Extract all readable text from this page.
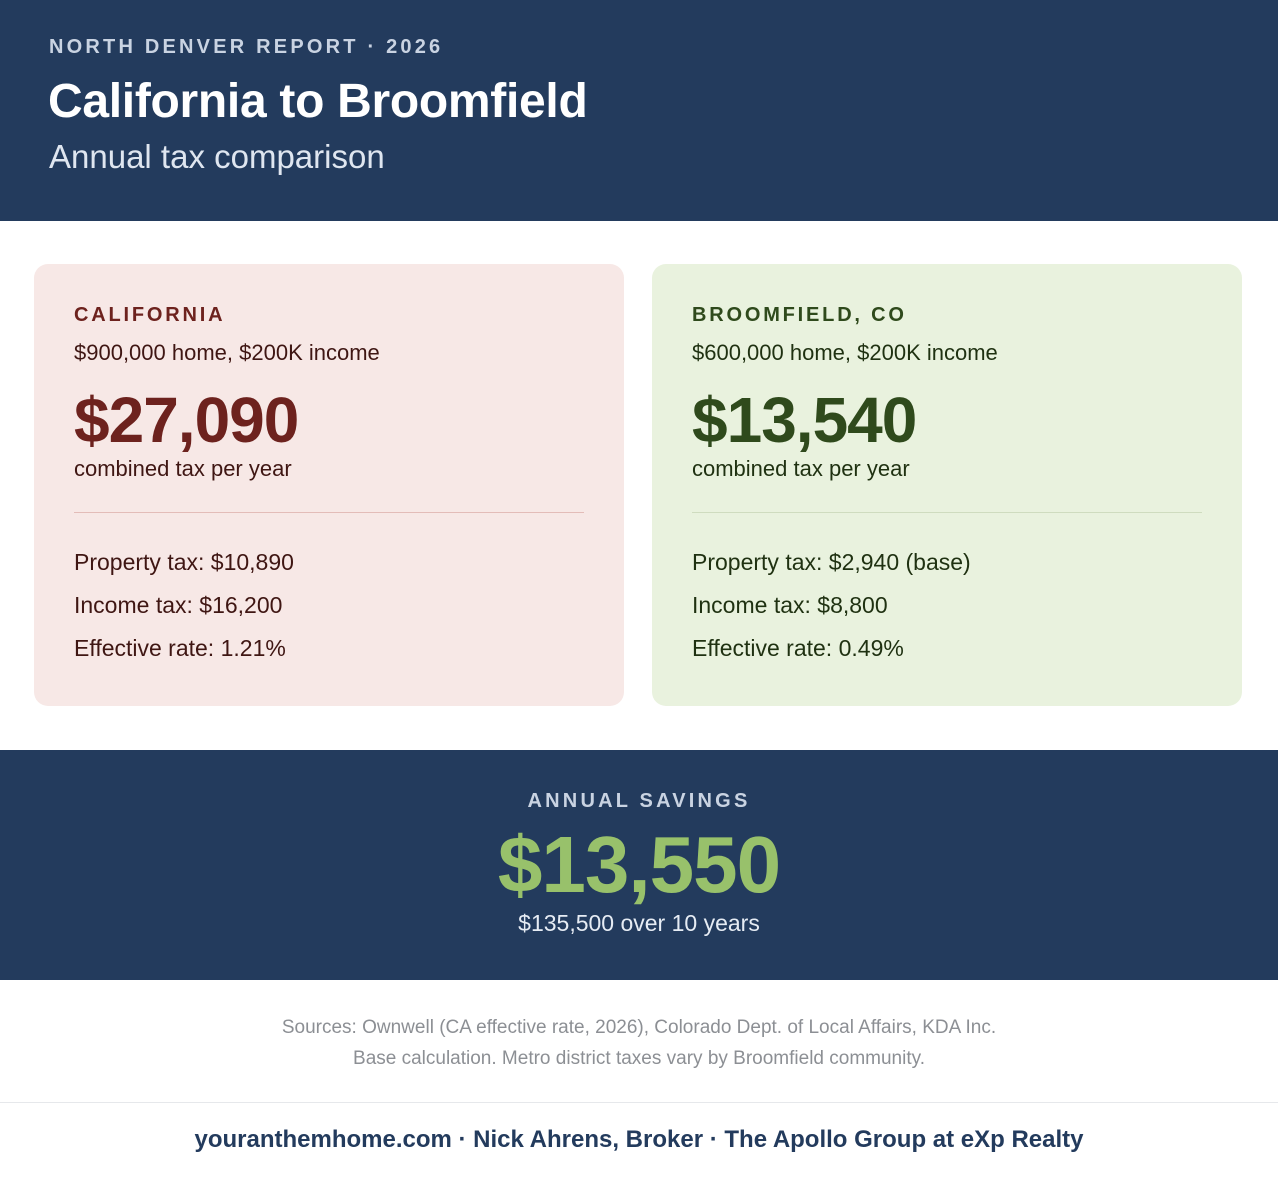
NORTH DENVER REPORT · 2026
California to Broomfield
Annual tax comparison
CALIFORNIA
$900,000 home, $200K income
$27,090
combined tax per year
Property tax: $10,890
Income tax: $16,200
Effective rate: 1.21%
BROOMFIELD, CO
$600,000 home, $200K income
$13,540
combined tax per year
Property tax: $2,940 (base)
Income tax: $8,800
Effective rate: 0.49%
ANNUAL SAVINGS
$13,550
$135,500 over 10 years
Sources: Ownwell (CA effective rate, 2026), Colorado Dept. of Local Affairs, KDA Inc.
Base calculation. Metro district taxes vary by Broomfield community.
youranthemhome.com · Nick Ahrens, Broker · The Apollo Group at eXp Realty
